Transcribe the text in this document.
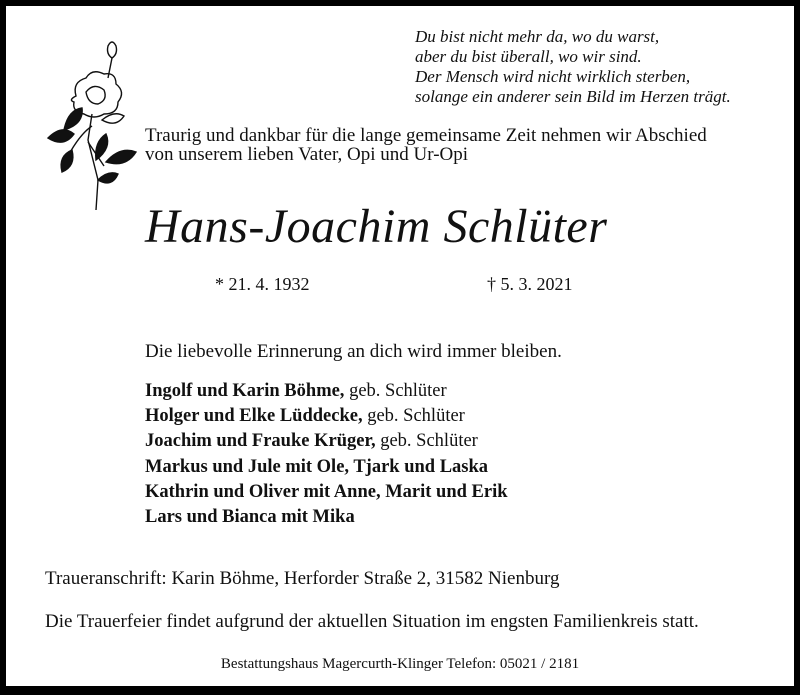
Du bist nicht mehr da, wo du warst,
aber du bist überall, wo wir sind.
Der Mensch wird nicht wirklich sterben,
solange ein anderer sein Bild im Herzen trägt.
Traurig und dankbar für die lange gemeinsame Zeit nehmen wir Abschied
von unserem lieben Vater, Opi und Ur-Opi
Hans-Joachim Schlüter
* 21. 4. 1932	† 5. 3. 2021
Die liebevolle Erinnerung an dich wird immer bleiben.
Ingolf und Karin Böhme, geb. Schlüter
Holger und Elke Lüddecke, geb. Schlüter
Joachim und Frauke Krüger, geb. Schlüter
Markus und Jule mit Ole, Tjark und Laska
Kathrin und Oliver mit Anne, Marit und Erik
Lars und Bianca mit Mika
Traueranschrift: Karin Böhme, Herforder Straße 2, 31582 Nienburg
Die Trauerfeier findet aufgrund der aktuellen Situation im engsten Familienkreis statt.
Bestattungshaus Magercurth-Klinger Telefon: 05021 / 2181
